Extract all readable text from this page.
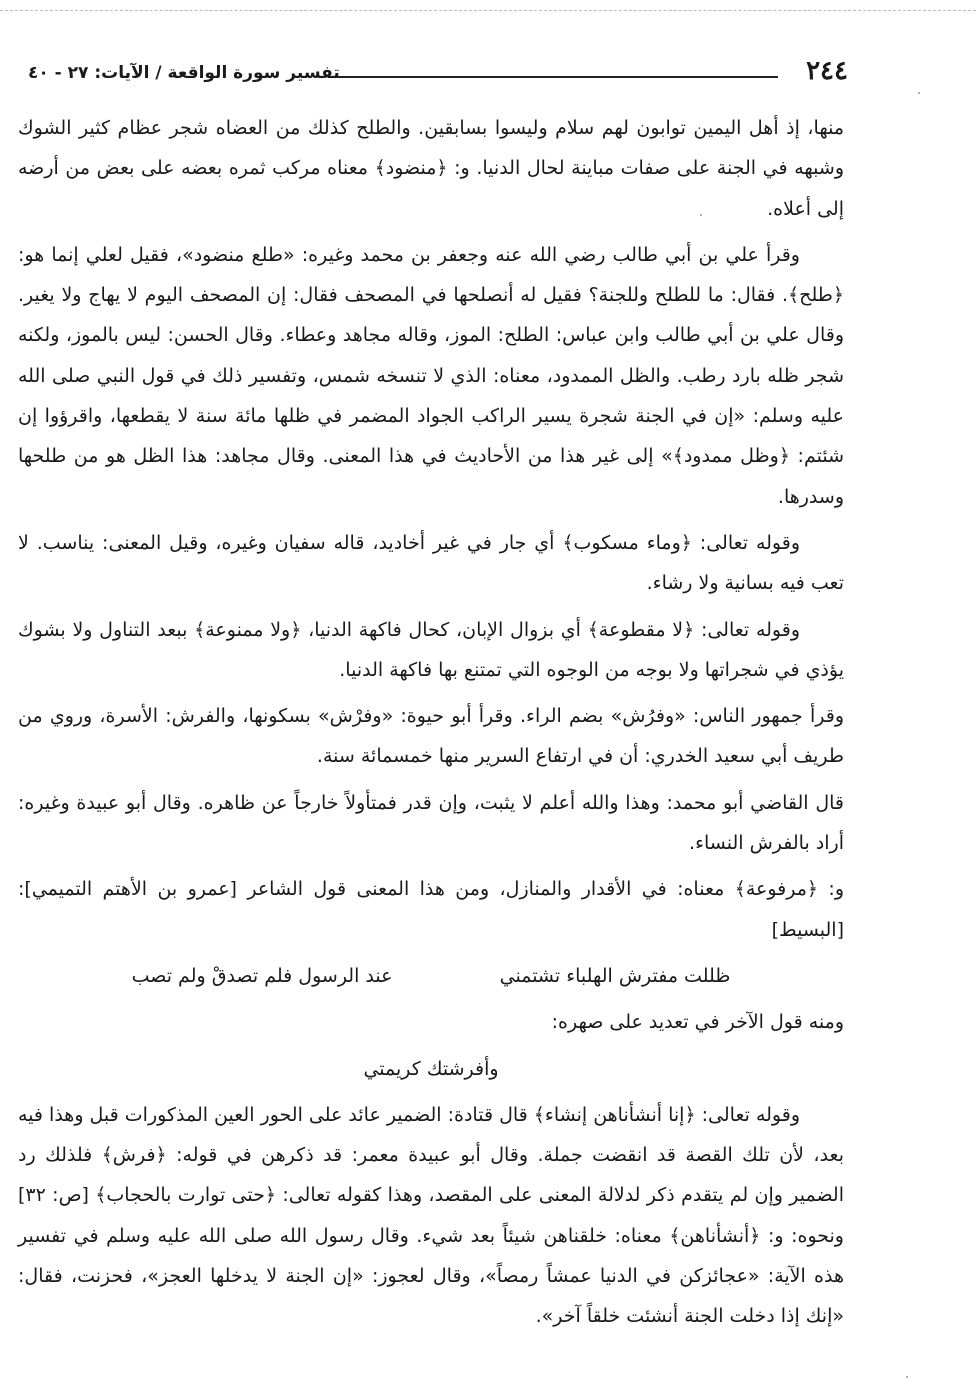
٢٤٤
تفسير سورة الواقعة / الآيات: ٢٧ - ٤٠

منها، إذ أهل اليمين توابون لهم سلام وليسوا بسابقين. والطلح كذلك من العضاه شجر عظام كثير الشوك وشبهه في الجنة على صفات مباينة لحال الدنيا. و: ﴿منضود﴾ معناه مركب ثمره بعضه على بعض من أرضه إلى أعلاه.

وقرأ علي بن أبي طالب رضي الله عنه وجعفر بن محمد وغيره: «طلع منضود»، فقيل لعلي إنما هو: ﴿طلح﴾. فقال: ما للطلح وللجنة؟ فقيل له أنصلحها في المصحف فقال: إن المصحف اليوم لا يهاج ولا يغير. وقال علي بن أبي طالب وابن عباس: الطلح: الموز، وقاله مجاهد وعطاء. وقال الحسن: ليس بالموز، ولكنه شجر ظله بارد رطب. والظل الممدود، معناه: الذي لا تنسخه شمس، وتفسير ذلك في قول النبي صلى الله عليه وسلم: «إن في الجنة شجرة يسير الراكب الجواد المضمر في ظلها مائة سنة لا يقطعها، واقرؤوا إن شئتم: ﴿وظل ممدود﴾» إلى غير هذا من الأحاديث في هذا المعنى. وقال مجاهد: هذا الظل هو من طلحها وسدرها.

وقوله تعالى: ﴿وماء مسكوب﴾ أي جار في غير أخاديد، قاله سفيان وغيره، وقيل المعنى: يناسب. لا تعب فيه بسانية ولا رشاء.

وقوله تعالى: ﴿لا مقطوعة﴾ أي بزوال الإبان، كحال فاكهة الدنيا، ﴿ولا ممنوعة﴾ ببعد التناول ولا بشوك يؤذي في شجراتها ولا بوجه من الوجوه التي تمتنع بها فاكهة الدنيا.

وقرأ جمهور الناس: «وفرُش» بضم الراء. وقرأ أبو حيوة: «وفرْش» بسكونها، والفرش: الأسرة، وروي من طريف أبي سعيد الخدري: أن في ارتفاع السرير منها خمسمائة سنة.

قال القاضي أبو محمد: وهذا والله أعلم لا يثبت، وإن قدر فمتأولاً خارجاً عن ظاهره. وقال أبو عبيدة وغيره: أراد بالفرش النساء.

و: ﴿مرفوعة﴾ معناه: في الأقدار والمنازل، ومن هذا المعنى قول الشاعر [عمرو بن الأهتم التميمي]: [البسيط]

ظللت مفترش الهلباء تشتمني
عند الرسول فلم تصدقْ ولم تصب

ومنه قول الآخر في تعديد على صهره:

وأفرشتك كريمتي

وقوله تعالى: ﴿إنا أنشأناهن إنشاء﴾ قال قتادة: الضمير عائد على الحور العين المذكورات قبل وهذا فيه بعد، لأن تلك القصة قد انقضت جملة. وقال أبو عبيدة معمر: قد ذكرهن في قوله: ﴿فرش﴾ فلذلك رد الضمير وإن لم يتقدم ذكر لدلالة المعنى على المقصد، وهذا كقوله تعالى: ﴿حتى توارت بالحجاب﴾ [ص: ٣٢] ونحوه: و: ﴿أنشأناهن﴾ معناه: خلقناهن شيئاً بعد شيء. وقال رسول الله صلى الله عليه وسلم في تفسير هذه الآية: «عجائزكن في الدنيا عمشاً رمصاً»، وقال لعجوز: «إن الجنة لا يدخلها العجز»، فحزنت، فقال: «إنك إذا دخلت الجنة أنشئت خلقاً آخر».
